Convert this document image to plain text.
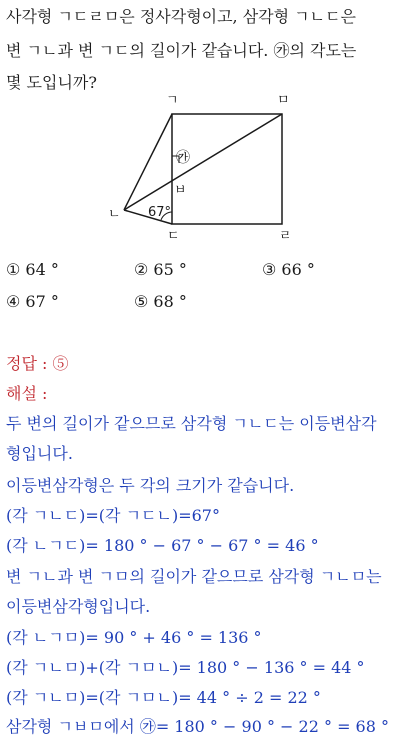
사각형 ㄱㄷㄹㅁ은 정사각형이고, 삼각형 ㄱㄴㄷ은
변 ㄱㄴ과 변 ㄱㄷ의 길이가 같습니다. ㉮의 각도는
몇 도입니까?
㉮
ㄱ	ㅁ
ㄴ
ㄷ	ㄹ
ㅂ
67°
① 64 °	② 65 °	③ 66 °
④ 67 °	⑤ 68 °
정답 : ⑤
해설 :
두 변의 길이가 같으므로 삼각형 ㄱㄴㄷ는 이등변삼각
형입니다.
이등변삼각형은 두 각의 크기가 같습니다.
(각 ㄱㄴㄷ)=(각 ㄱㄷㄴ)=67°
(각 ㄴㄱㄷ)= 180 ° − 67 ° − 67 ° = 46 °
변 ㄱㄴ과 변 ㄱㅁ의 길이가 같으므로 삼각형 ㄱㄴㅁ는
이등변삼각형입니다.
(각 ㄴㄱㅁ)= 90 ° + 46 ° = 136 °
(각 ㄱㄴㅁ)+(각 ㄱㅁㄴ)= 180 ° − 136 ° = 44 °
(각 ㄱㄴㅁ)=(각 ㄱㅁㄴ)= 44 ° ÷ 2 = 22 °
삼각형 ㄱㅂㅁ에서 ㉮= 180 ° − 90 ° − 22 ° = 68 °
